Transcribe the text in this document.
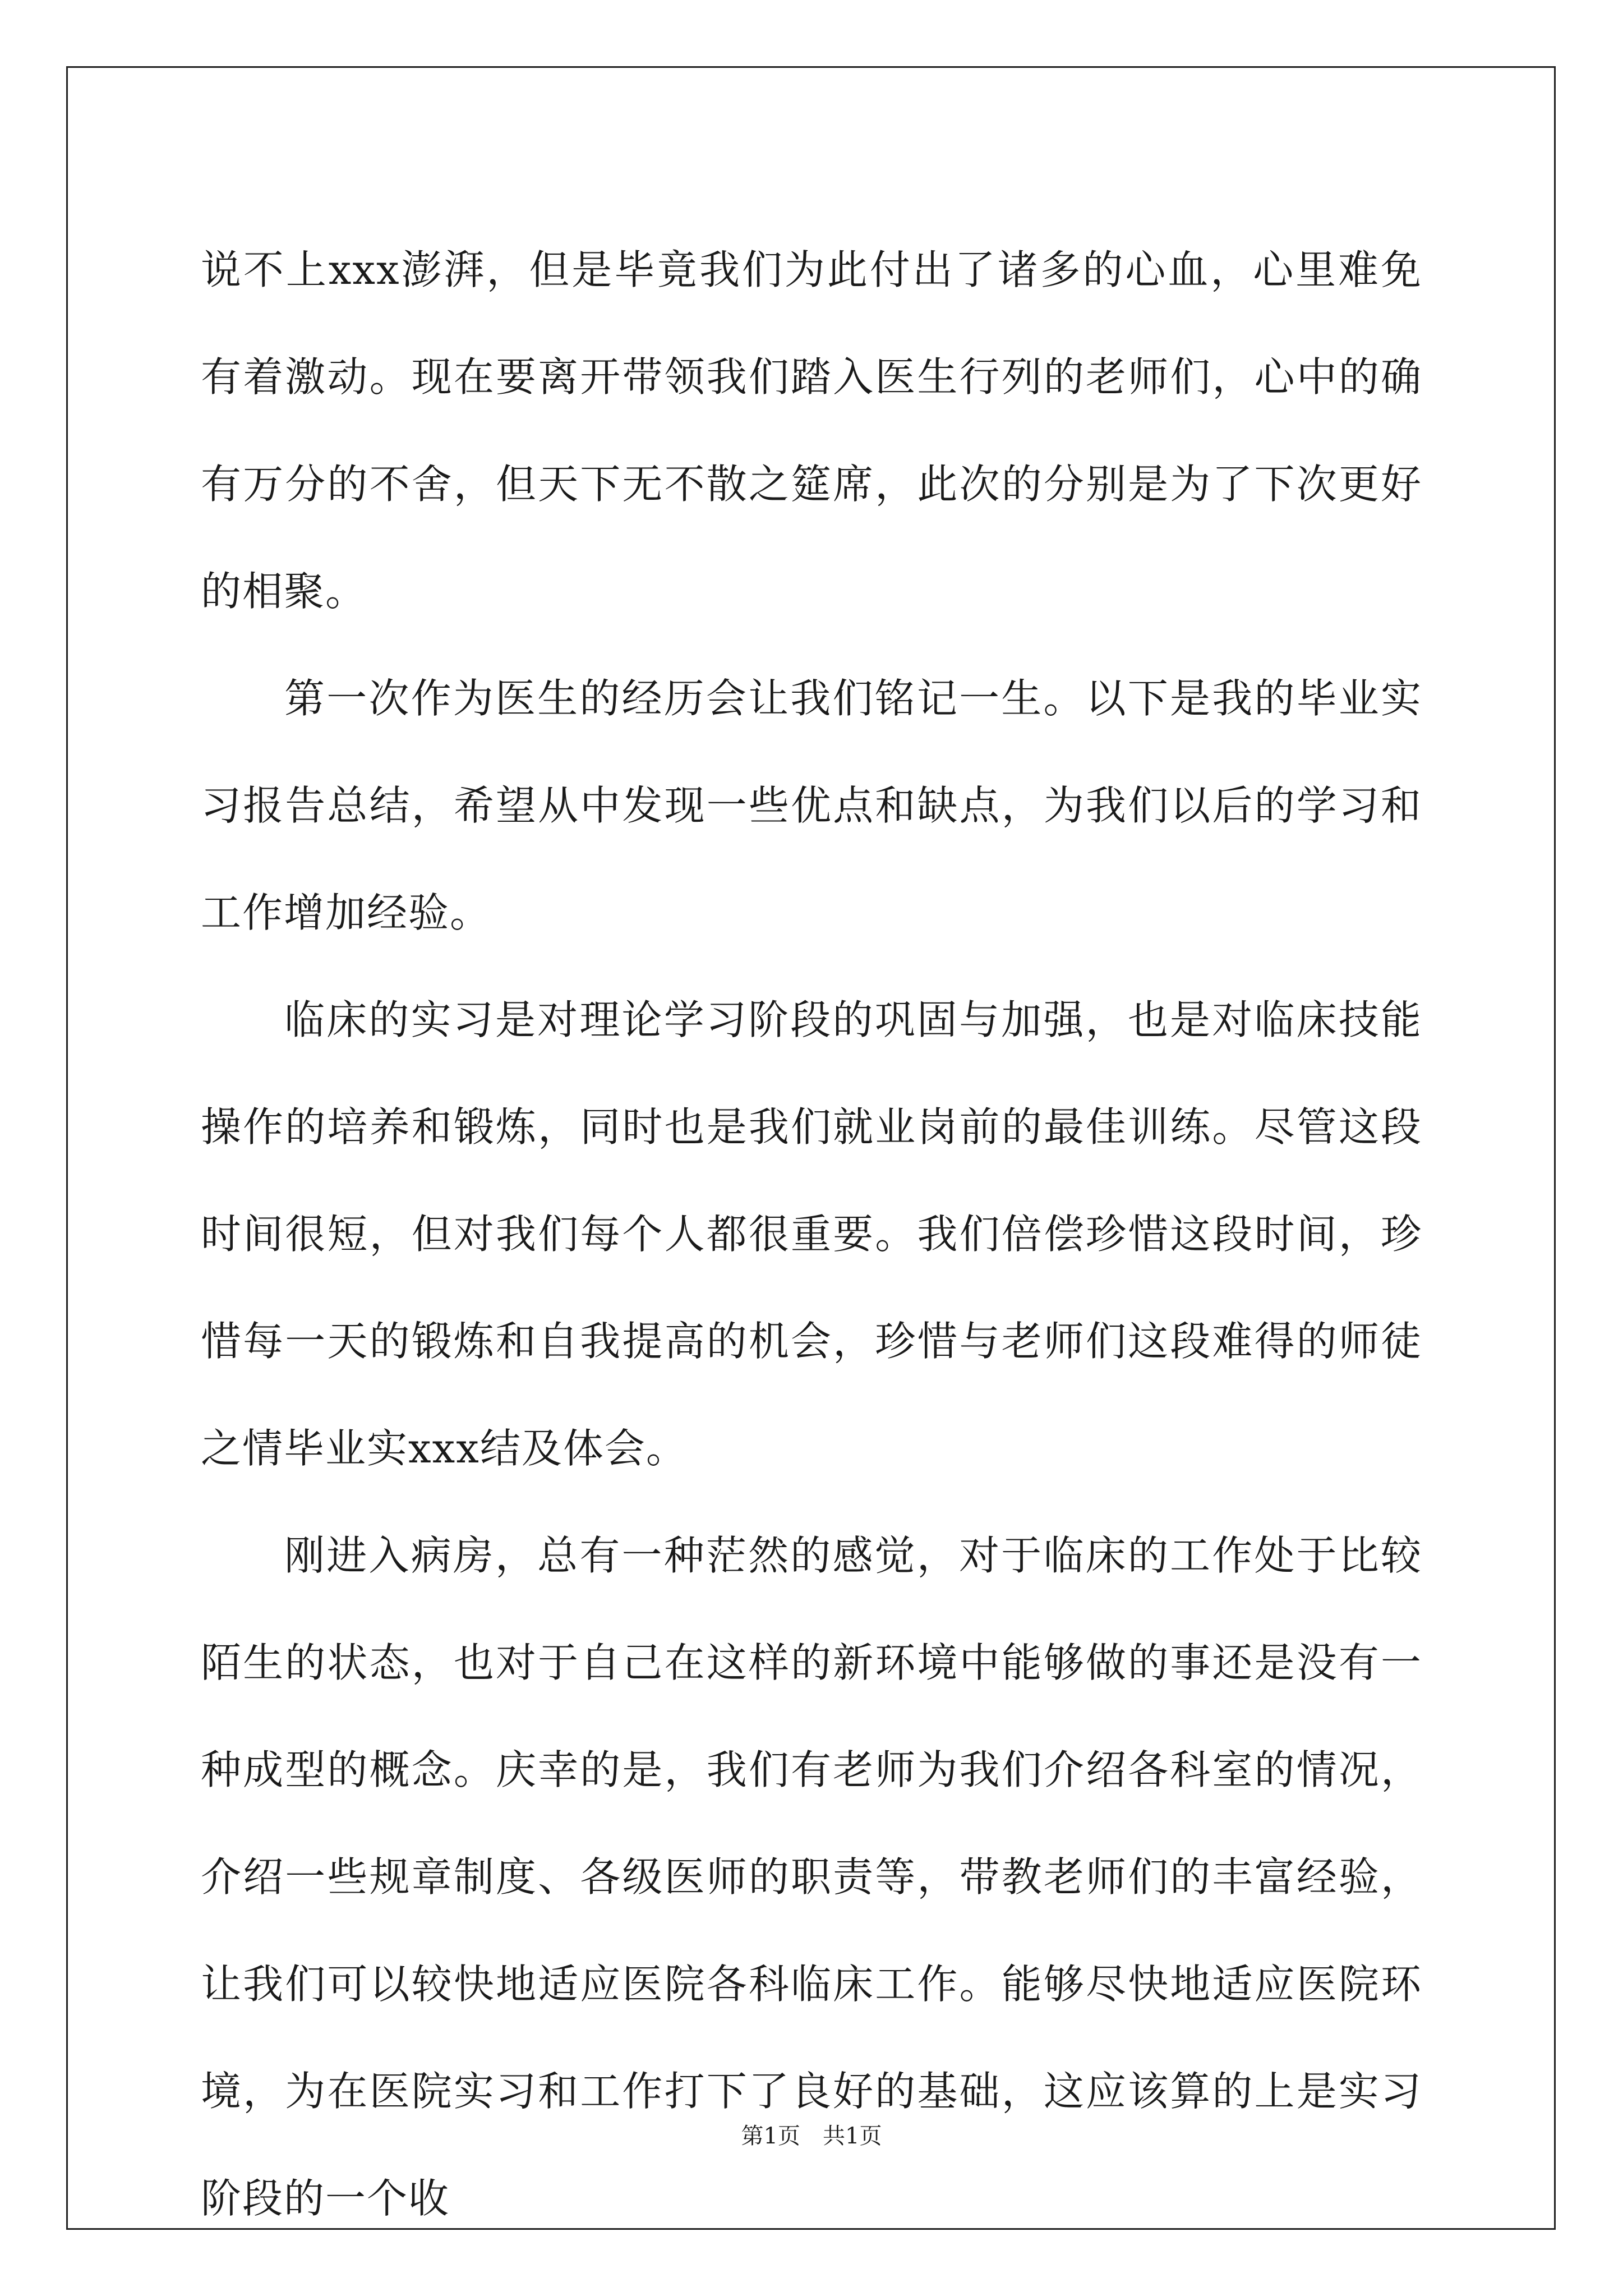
说不上xxx澎湃，但是毕竟我们为此付出了诸多的心血，心里难免有着激动。现在要离开带领我们踏入医生行列的老师们，心中的确有万分的不舍，但天下无不散之筵席，此次的分别是为了下次更好的相聚。

第一次作为医生的经历会让我们铭记一生。以下是我的毕业实习报告总结，希望从中发现一些优点和缺点，为我们以后的学习和工作增加经验。

临床的实习是对理论学习阶段的巩固与加强，也是对临床技能操作的培养和锻炼，同时也是我们就业岗前的最佳训练。尽管这段时间很短，但对我们每个人都很重要。我们倍偿珍惜这段时间，珍惜每一天的锻炼和自我提高的机会，珍惜与老师们这段难得的师徒之情毕业实xxx结及体会。

刚进入病房，总有一种茫然的感觉，对于临床的工作处于比较陌生的状态，也对于自己在这样的新环境中能够做的事还是没有一种成型的概念。庆幸的是，我们有老师为我们介绍各科室的情况，介绍一些规章制度、各级医师的职责等，带教老师们的丰富经验，让我们可以较快地适应医院各科临床工作。能够尽快地适应医院环境，为在医院实习和工作打下了良好的基础，这应该算的上是实习阶段的一个收

第1页 共1页
